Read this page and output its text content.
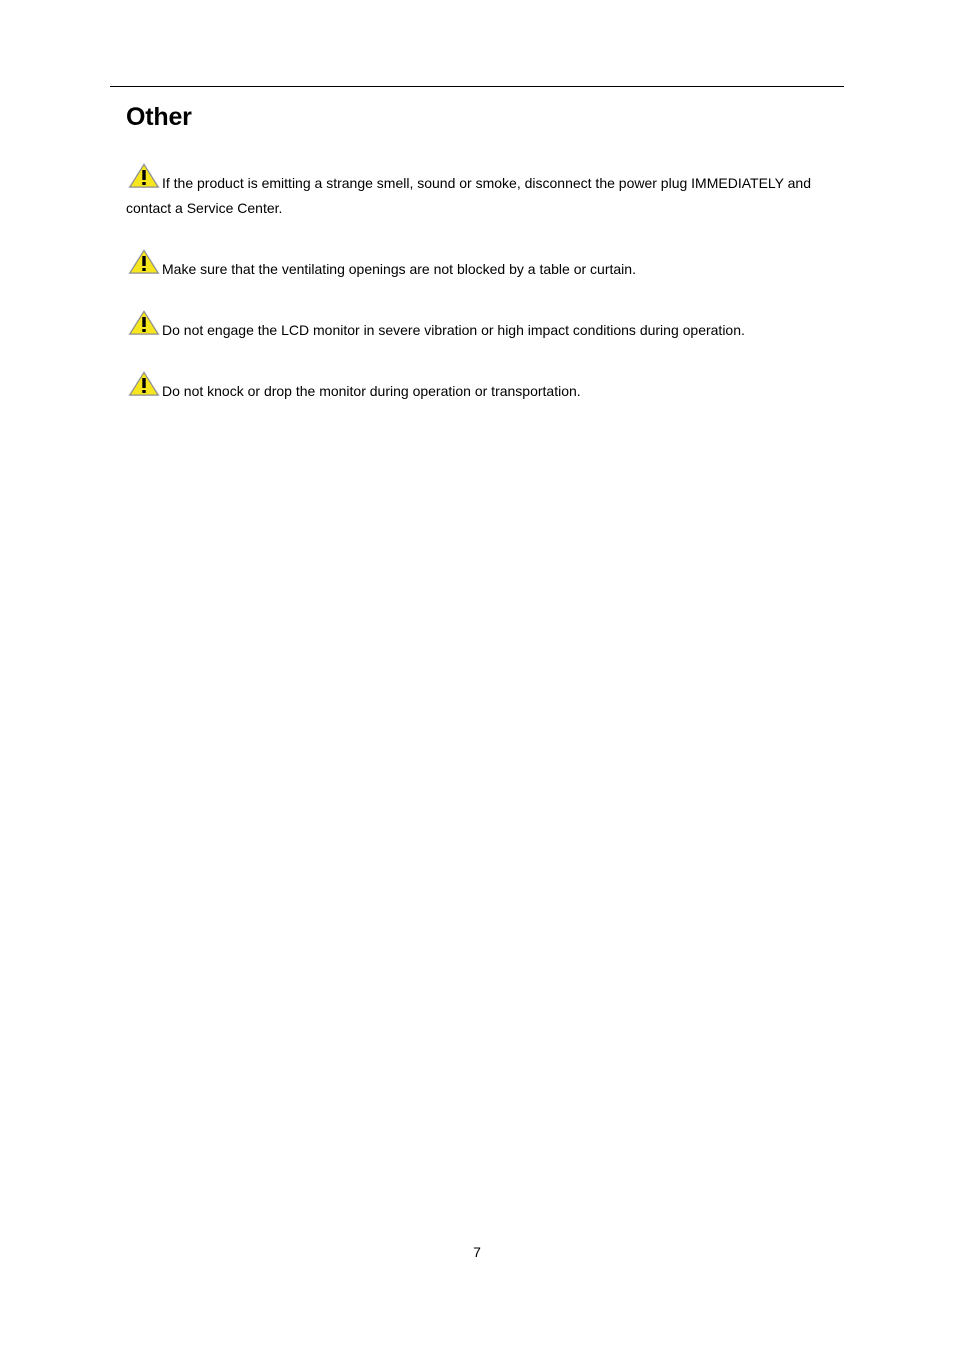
Other
If the product is emitting a strange smell, sound or smoke, disconnect the power plug IMMEDIATELY and contact a Service Center.
Make sure that the ventilating openings are not blocked by a table or curtain.
Do not engage the LCD monitor in severe vibration or high impact conditions during operation.
Do not knock or drop the monitor during operation or transportation.
7
